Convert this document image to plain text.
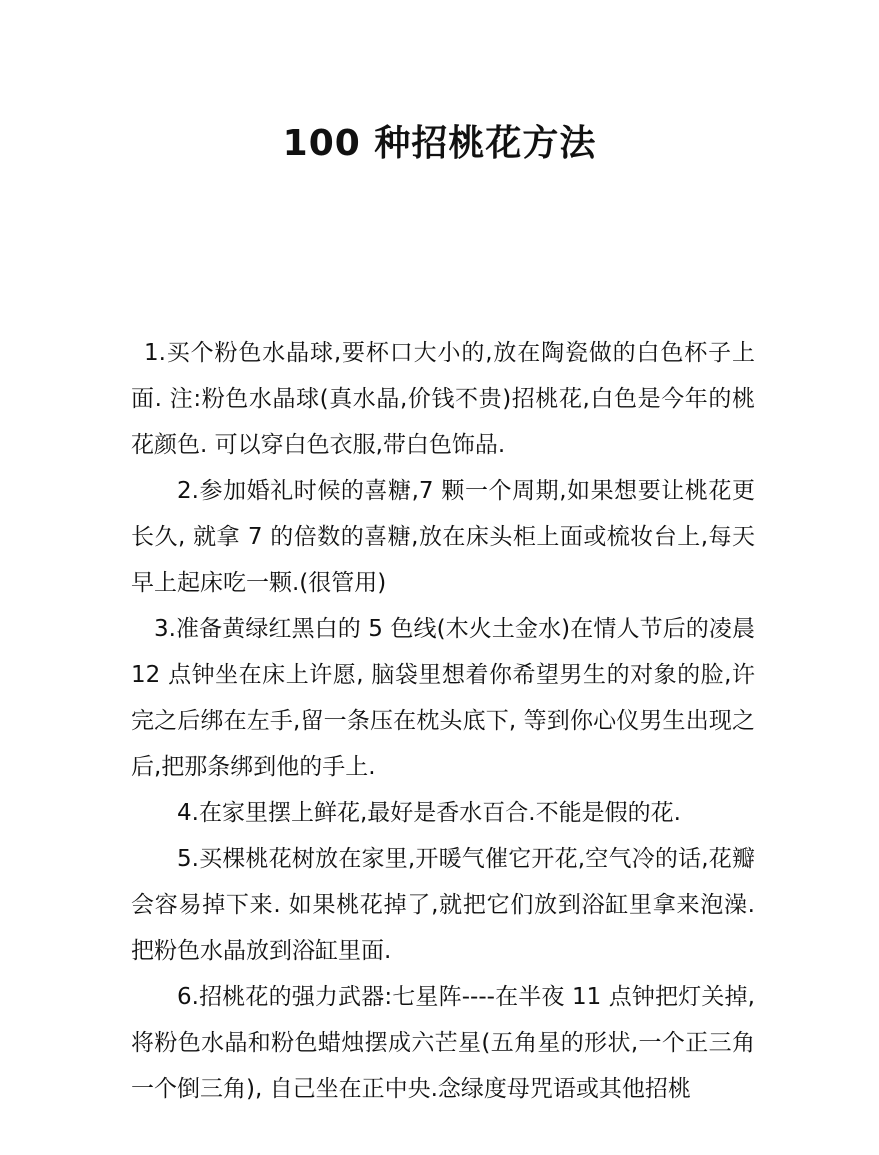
100 种招桃花方法

1.买个粉色水晶球,要杯口大小的,放在陶瓷做的白色杯子上面. 注:粉色水晶球(真水晶,价钱不贵)招桃花,白色是今年的桃花颜色. 可以穿白色衣服,带白色饰品.

2.参加婚礼时候的喜糖,7 颗一个周期,如果想要让桃花更长久, 就拿 7 的倍数的喜糖,放在床头柜上面或梳妆台上,每天早上起床吃一颗.(很管用)

3.准备黄绿红黑白的 5 色线(木火土金水)在情人节后的凌晨 12 点钟坐在床上许愿, 脑袋里想着你希望男生的对象的脸,许完之后绑在左手,留一条压在枕头底下, 等到你心仪男生出现之后,把那条绑到他的手上.

4.在家里摆上鲜花,最好是香水百合.不能是假的花.

5.买棵桃花树放在家里,开暖气催它开花,空气冷的话,花瓣会容易掉下来. 如果桃花掉了,就把它们放到浴缸里拿来泡澡.把粉色水晶放到浴缸里面.

6.招桃花的强力武器:七星阵----在半夜 11 点钟把灯关掉,将粉色水晶和粉色蜡烛摆成六芒星(五角星的形状,一个正三角一个倒三角), 自己坐在正中央.念绿度母咒语或其他招桃
